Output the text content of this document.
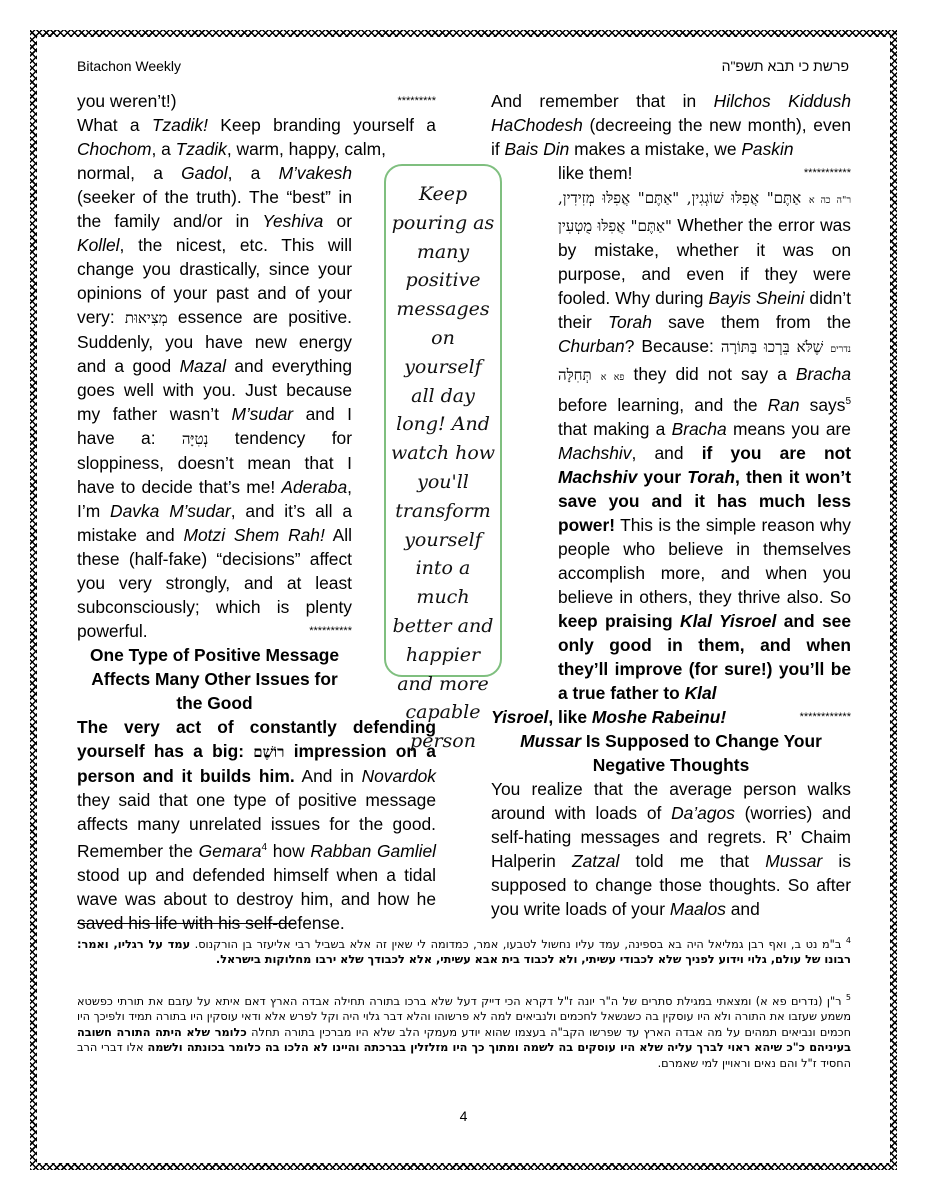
Bitachon Weekly	פרשת כי תבא תשפ"ה

you weren’t!)	*********

What a Tzadik! Keep branding yourself a Chochom, a Tzadik, warm, happy, calm,

normal, a Gadol, a M’vakesh (seeker of the truth). The “best” in the family and/or in Yeshiva or Kollel, the nicest, etc. This will change you drastically, since your opinions of your past and of your very: מְצִיאוּת essence are positive. Suddenly, you have new energy and a good Mazal and everything goes well with you. Just because my father wasn’t M’sudar and I have a: נְטִיָּה tendency for sloppiness, doesn’t mean that I have to decide that’s me! Aderaba, I’m Davka M’sudar, and it’s all a mistake and Motzi Shem Rah! All these (half-fake) “decisions” affect you very strongly, and at least subconsciously; which is plenty powerful.	**********

One Type of Positive Message Affects Many Other Issues for the Good

The very act of constantly defending yourself has a big: רוֹשֶׁם impression on a person and it builds him. And in Novardok they said that one type of positive message affects many unrelated issues for the good. Remember the Gemara$^4$ how Rabban Gamliel stood up and defended himself when a tidal wave was about to destroy him, and how he saved his life with his self-defense.

Keep pouring as many positive messages on yourself all day long! And watch how you'll transform yourself into a much better and happier and more capable person

And remember that in Hilchos Kiddush HaChodesh (decreeing the new month), even if Bais Din makes a mistake, we Paskin

like them!	***********

אַתֶּם" אֲפִלּוּ שׁוֹגְגִין, "אַתֶּם" אֲפִלּוּ מְזִידִין, ר"ה כה א "אַתֶּם" אֲפִלּוּ מֻטְעִין Whether the error was by mistake, whether it was on purpose, and even if they were fooled. Why during Bayis Sheini didn’t their Torah save them from the Churban? Because: שֶׁלֹּא בֵּרְכוּ בַּתּוֹרָה נדרים פא א תְּחִלָּה they did not say a Bracha before learning, and the Ran says$^5$ that making a Bracha means you are Machshiv, and if you are not Machshiv your Torah, then it won’t save you and it has much less power! This is the simple reason why people who believe in themselves accomplish more, and when you believe in others, they thrive also. So keep praising Klal Yisroel and see only good in them, and when they’ll improve (for sure!) you’ll be a true father to Klal

Yisroel, like Moshe Rabeinu!	************

Mussar Is Supposed to Change Your Negative Thoughts

You realize that the average person walks around with loads of Da’agos (worries) and self-hating messages and regrets. R’ Chaim Halperin Zatzal told me that Mussar is supposed to change those thoughts. So after you write loads of your Maalos and

$^4$ ב"מ נט ב, ואף רבן גמליאל היה בא בספינה, עמד עליו נחשול לטבעו, אמר, כמדומה לי שאין זה אלא בשביל רבי אליעזר בן הורקנוס. עמד על רגליו, ואמר: רבונו של עולם, גלוי וידוע לפניך שלא לכבודי עשיתי, ולא לכבוד בית אבא עשיתי, אלא לכבודך שלא ירבו מחלוקות בישראל.
$^5$ ר"ן (נדרים פא א) ומצאתי במגילת סתרים של ה"ר יונה ז"ל דקרא הכי דייק דעל שלא ברכו בתורה תחילה אבדה הארץ דאם איתא על עזבם את תורתי כפשטא משמע שעזבו את התורה ולא היו עוסקין בה כשנשאל לחכמים ולנביאים למה לא פרשוהו והלא דבר גלוי היה וקל לפרש אלא ודאי עוסקין היו בתורה תמיד ולפיכך היו חכמים ונביאים תמהים על מה אבדה הארץ עד שפרשו הקב"ה בעצמו שהוא יודע מעמקי הלב שלא היו מברכין בתורה תחלה כלומר שלא היתה התורה חשובה בעיניהם כ"כ שיהא ראוי לברך עליה שלא היו עוסקים בה לשמה ומתוך כך היו מזלזלין בברכתה והיינו לא הלכו בה כלומר בכונתה ולשמה אלו דברי הרב החסיד ז"ל והם נאים וראויין למי שאמרם.
4
